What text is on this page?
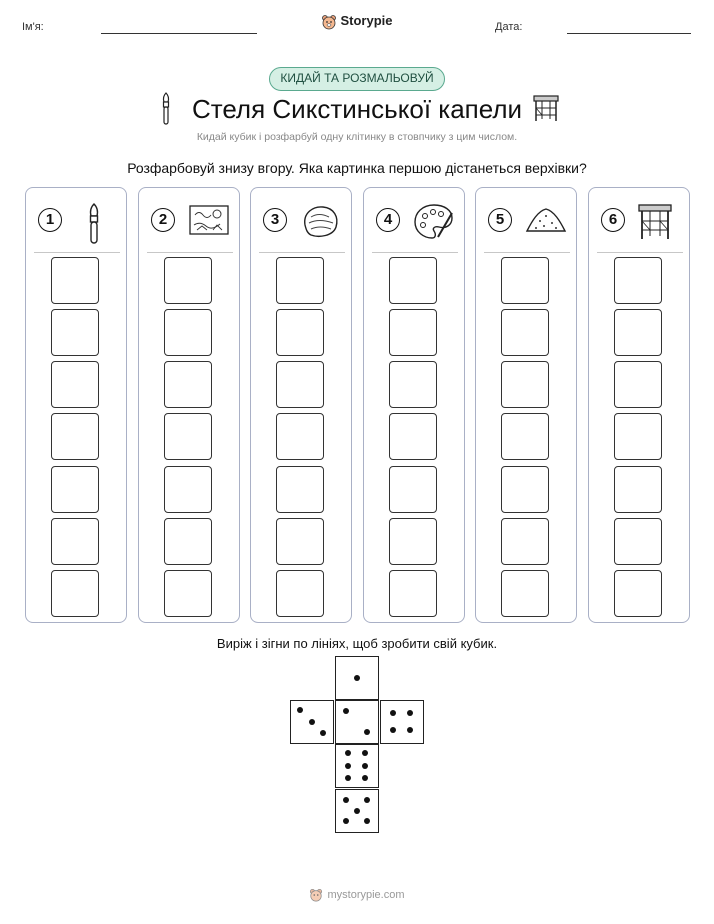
Ім'я:	Storypie	Дата:
КИДАЙ ТА РОЗМАЛЬОВУЙ
Стеля Сикстинської капели
Кидай кубик і розфарбуй одну клітинку в стовпчику з цим числом.
Розфарбовуй знизу вгору. Яка картинка першою дістанеться верхівки?
1	2	3	4	5	6
Виріж і зігни по лініях, щоб зробити свій кубик.
mystorypie.com
